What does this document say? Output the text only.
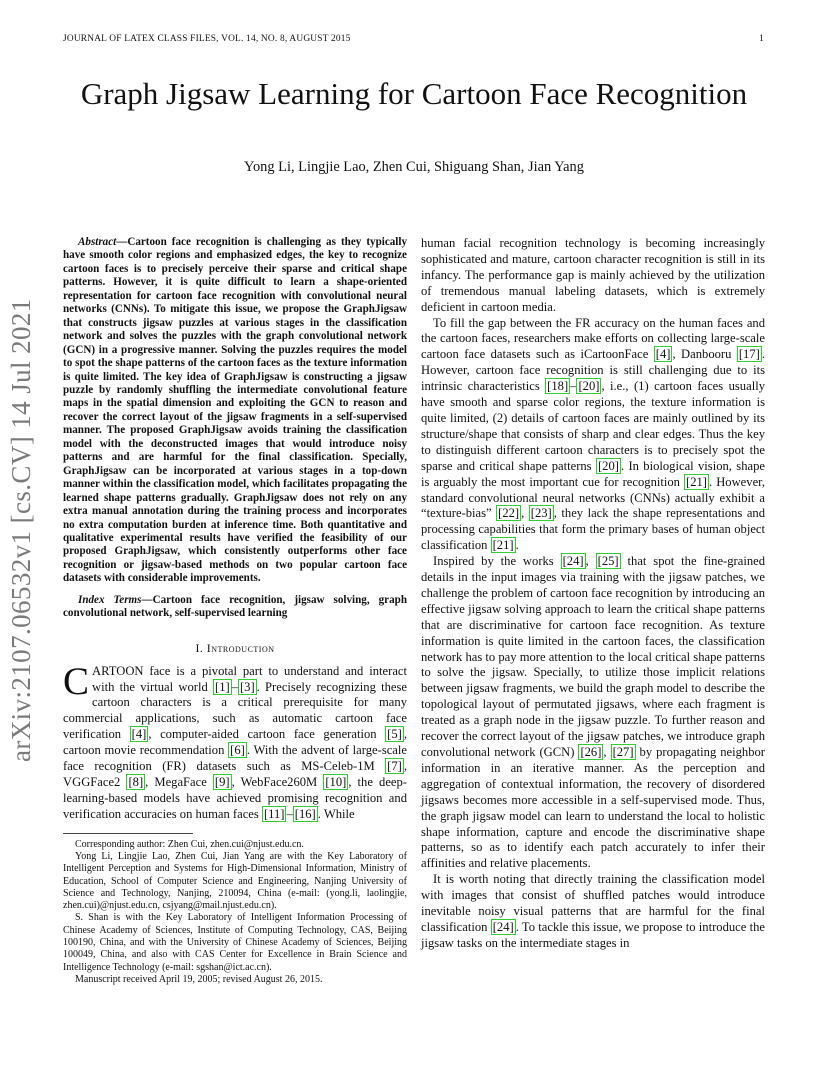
JOURNAL OF LATEX CLASS FILES, VOL. 14, NO. 8, AUGUST 2015	1
arXiv:2107.06532v1 [cs.CV] 14 Jul 2021
Graph Jigsaw Learning for Cartoon Face Recognition
Yong Li, Lingjie Lao, Zhen Cui, Shiguang Shan, Jian Yang

Abstract—Cartoon face recognition is challenging as they typically have smooth color regions and emphasized edges, the key to recognize cartoon faces is to precisely perceive their sparse and critical shape patterns. However, it is quite difficult to learn a shape-oriented representation for cartoon face recognition with convolutional neural networks (CNNs). To mitigate this issue, we propose the GraphJigsaw that constructs jigsaw puzzles at various stages in the classification network and solves the puzzles with the graph convolutional network (GCN) in a progressive manner. Solving the puzzles requires the model to spot the shape patterns of the cartoon faces as the texture information is quite limited. The key idea of GraphJigsaw is constructing a jigsaw puzzle by randomly shuffling the intermediate convolutional feature maps in the spatial dimension and exploiting the GCN to reason and recover the correct layout of the jigsaw fragments in a self-supervised manner. The proposed GraphJigsaw avoids training the classification model with the deconstructed images that would introduce noisy patterns and are harmful for the final classification. Specially, GraphJigsaw can be incorporated at various stages in a top-down manner within the classification model, which facilitates propagating the learned shape patterns gradually. GraphJigsaw does not rely on any extra manual annotation during the training process and incorporates no extra computation burden at inference time. Both quantitative and qualitative experimental results have verified the feasibility of our proposed GraphJigsaw, which consistently outperforms other face recognition or jigsaw-based methods on two popular cartoon face datasets with considerable improvements.

Index Terms—Cartoon face recognition, jigsaw solving, graph convolutional network, self-supervised learning

I. Introduction

CARTOON face is a pivotal part to understand and interact with the virtual world [1] – [3] . Precisely recognizing these cartoon characters is a critical prerequisite for many commercial applications, such as automatic cartoon face verification [4] , computer-aided cartoon face generation [5] , cartoon movie recommendation [6] . With the advent of large-scale face recognition (FR) datasets such as MS-Celeb-1M [7] , VGGFace2 [8] , MegaFace [9] , WebFace260M [10] , the deep-learning-based models have achieved promising recognition and verification accuracies on human faces [11] – [16] . While

Corresponding author: Zhen Cui, zhen.cui@njust.edu.cn.

Yong Li, Lingjie Lao, Zhen Cui, Jian Yang are with the Key Laboratory of Intelligent Perception and Systems for High-Dimensional Information, Ministry of Education, School of Computer Science and Engineering, Nanjing University of Science and Technology, Nanjing, 210094, China (e-mail: (yong.li, laolingjie, zhen.cui)@njust.edu.cn, csjyang@mail.njust.edu.cn).

S. Shan is with the Key Laboratory of Intelligent Information Processing of Chinese Academy of Sciences, Institute of Computing Technology, CAS, Beijing 100190, China, and with the University of Chinese Academy of Sciences, Beijing 100049, China, and also with CAS Center for Excellence in Brain Science and Intelligence Technology (e-mail: sgshan@ict.ac.cn).

Manuscript received April 19, 2005; revised August 26, 2015.

human facial recognition technology is becoming increasingly sophisticated and mature, cartoon character recognition is still in its infancy. The performance gap is mainly achieved by the utilization of tremendous manual labeling datasets, which is extremely deficient in cartoon media.

To fill the gap between the FR accuracy on the human faces and the cartoon faces, researchers make efforts on collecting large-scale cartoon face datasets such as iCartoonFace [4] , Danbooru [17] . However, cartoon face recognition is still challenging due to its intrinsic characteristics [18] – [20] , i.e., (1) cartoon faces usually have smooth and sparse color regions, the texture information is quite limited, (2) details of cartoon faces are mainly outlined by its structure/shape that consists of sharp and clear edges. Thus the key to distinguish different cartoon characters is to precisely spot the sparse and critical shape patterns [20] . In biological vision, shape is arguably the most important cue for recognition [21] . However, standard convolutional neural networks (CNNs) actually exhibit a “texture-bias” [22] , [23] , they lack the shape representations and processing capabilities that form the primary bases of human object classification [21] .

Inspired by the works [24] , [25] that spot the fine-grained details in the input images via training with the jigsaw patches, we challenge the problem of cartoon face recognition by introducing an effective jigsaw solving approach to learn the critical shape patterns that are discriminative for cartoon face recognition. As texture information is quite limited in the cartoon faces, the classification network has to pay more attention to the local critical shape patterns to solve the jigsaw. Specially, to utilize those implicit relations between jigsaw fragments, we build the graph model to describe the topological layout of permutated jigsaws, where each fragment is treated as a graph node in the jigsaw puzzle. To further reason and recover the correct layout of the jigsaw patches, we introduce graph convolutional network (GCN) [26] , [27] by propagating neighbor information in an iterative manner. As the perception and aggregation of contextual information, the recovery of disordered jigsaws becomes more accessible in a self-supervised mode. Thus, the graph jigsaw model can learn to understand the local to holistic shape information, capture and encode the discriminative shape patterns, so as to identify each patch accurately to infer their affinities and relative placements.

It is worth noting that directly training the classification model with images that consist of shuffled patches would introduce inevitable noisy visual patterns that are harmful for the final classification [24] . To tackle this issue, we propose to introduce the jigsaw tasks on the intermediate stages in
